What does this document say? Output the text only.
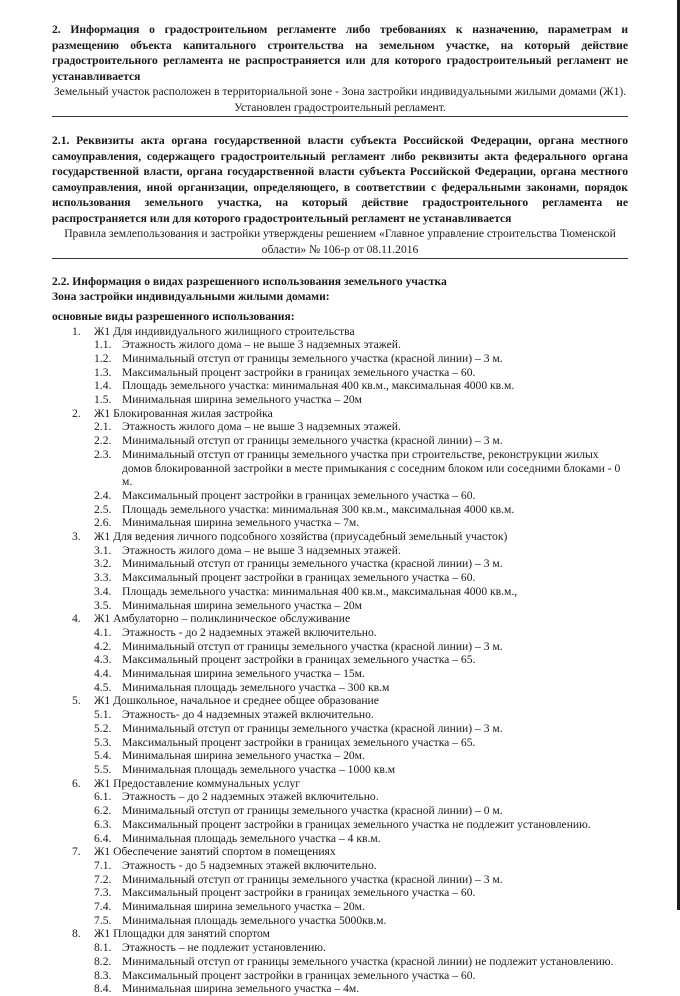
2. Информация о градостроительном регламенте либо требованиях к назначению, параметрам и размещению объекта капитального строительства на земельном участке, на который действие градостроительного регламента не распространяется или для которого градостроительный регламент не устанавливается

Земельный участок расположен в территориальной зоне - Зона застройки индивидуальными жилыми домами (Ж1).

Установлен градостроительный регламент.

2.1. Реквизиты акта органа государственной власти субъекта Российской Федерации, органа местного самоуправления, содержащего градостроительный регламент либо реквизиты акта федерального органа государственной власти, органа государственной власти субъекта Российской Федерации, органа местного самоуправления, иной организации, определяющего, в соответствии с федеральными законами, порядок использования земельного участка, на который действие градостроительного регламента не распространяется или для которого градостроительный регламент не устанавливается

Правила землепользования и застройки утверждены решением «Главное управление строительства Тюменской

области» № 106-р от 08.11.2016

2.2. Информация о видах разрешенного использования земельного участка

Зона застройки индивидуальными жилыми домами:

основные виды разрешенного использования:

1. Ж1 Для индивидуального жилищного строительства
1.1. Этажность жилого дома – не выше 3 надземных этажей.
1.2. Минимальный отступ от границы земельного участка (красной линии) – 3 м.
1.3. Максимальный процент застройки в границах земельного участка – 60.
1.4. Площадь земельного участка: минимальная 400 кв.м., максимальная 4000 кв.м.
1.5. Минимальная ширина земельного участка – 20м
2. Ж1 Блокированная жилая застройка
2.1. Этажность жилого дома – не выше 3 надземных этажей.
2.2. Минимальный отступ от границы земельного участка (красной линии) – 3 м.
2.3. Минимальный отступ от границы земельного участка при строительстве, реконструкции жилых домов блокированной застройки в месте примыкания с соседним блоком или соседними блоками - 0 м.
2.4. Максимальный процент застройки в границах земельного участка – 60.
2.5. Площадь земельного участка: минимальная 300 кв.м., максимальная 4000 кв.м.
2.6. Минимальная ширина земельного участка – 7м.
3. Ж1 Для ведения личного подсобного хозяйства (приусадебный земельный участок)
3.1. Этажность жилого дома – не выше 3 надземных этажей.
3.2. Минимальный отступ от границы земельного участка (красной линии) – 3 м.
3.3. Максимальный процент застройки в границах земельного участка – 60.
3.4. Площадь земельного участка: минимальная 400 кв.м., максимальная 4000 кв.м.,
3.5. Минимальная ширина земельного участка – 20м
4. Ж1 Амбулаторно – поликлиническое обслуживание
4.1. Этажность - до 2 надземных этажей включительно.
4.2. Минимальный отступ от границы земельного участка (красной линии) – 3 м.
4.3. Максимальный процент застройки в границах земельного участка – 65.
4.4. Минимальная ширина земельного участка – 15м.
4.5. Минимальная площадь земельного участка – 300 кв.м
5. Ж1 Дошкольное, начальное и среднее общее образование
5.1. Этажность- до 4 надземных этажей включительно.
5.2. Минимальный отступ от границы земельного участка (красной линии) – 3 м.
5.3. Максимальный процент застройки в границах земельного участка – 65.
5.4. Минимальная ширина земельного участка – 20м.
5.5. Минимальная площадь земельного участка – 1000 кв.м
6. Ж1 Предоставление коммунальных услуг
6.1. Этажность – до 2 надземных этажей включительно.
6.2. Минимальный отступ от границы земельного участка (красной линии) – 0 м.
6.3. Максимальный процент застройки в границах земельного участка не подлежит установлению.
6.4. Минимальная площадь земельного участка – 4 кв.м.
7. Ж1 Обеспечение занятий спортом в помещениях
7.1. Этажность - до 5 надземных этажей включительно.
7.2. Минимальный отступ от границы земельного участка (красной линии) – 3 м.
7.3. Максимальный процент застройки в границах земельного участка – 60.
7.4. Минимальная ширина земельного участка – 20м.
7.5. Минимальная площадь земельного участка 5000кв.м.
8. Ж1 Площадки для занятий спортом
8.1. Этажность – не подлежит установлению.
8.2. Минимальный отступ от границы земельного участка (красной линии) не подлежит установлению.
8.3. Максимальный процент застройки в границах земельного участка – 60.
8.4. Минимальная ширина земельного участка – 4м.
